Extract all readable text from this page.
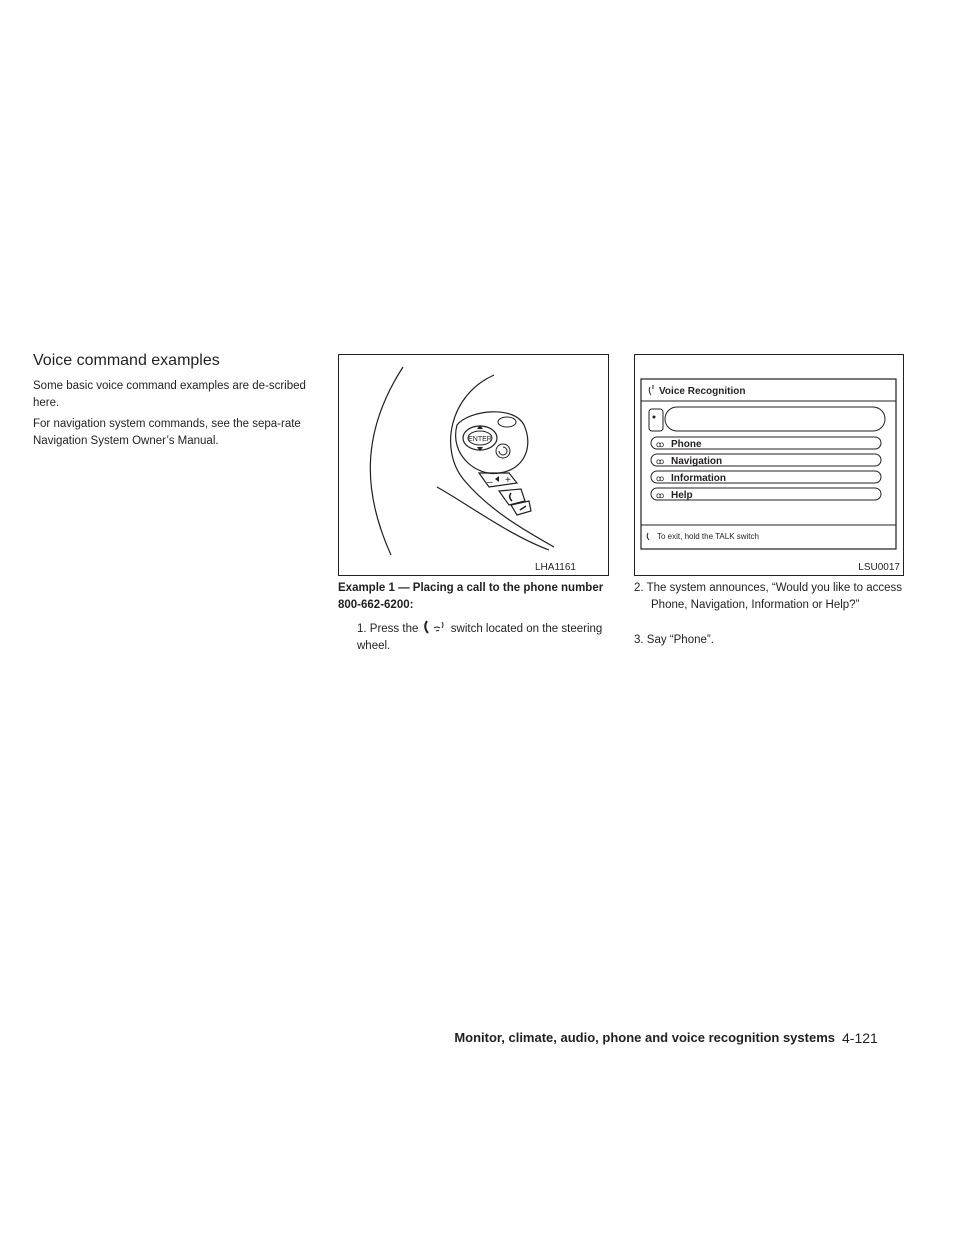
Voice command examples

Some basic voice command examples are de-scribed here.

For navigation system commands, see the sepa-rate Navigation System Owner’s Manual.	ENTER
– +
LHA1161
Voice Recognition
ꝏ
ꝏ
ꝏ
ꝏ
Phone
Navigation
Information
Help
To exit, hold the TALK switch
LSU0017

Example 1 — Placing a call to the phone number 800-662-6200:

1. Press the	switch located on the steering wheel.

2. The system announces, “Would you like to access Phone, Navigation, Information or Help?”

3. Say “Phone”.

Monitor, climate, audio, phone and voice recognition systems 4-121
